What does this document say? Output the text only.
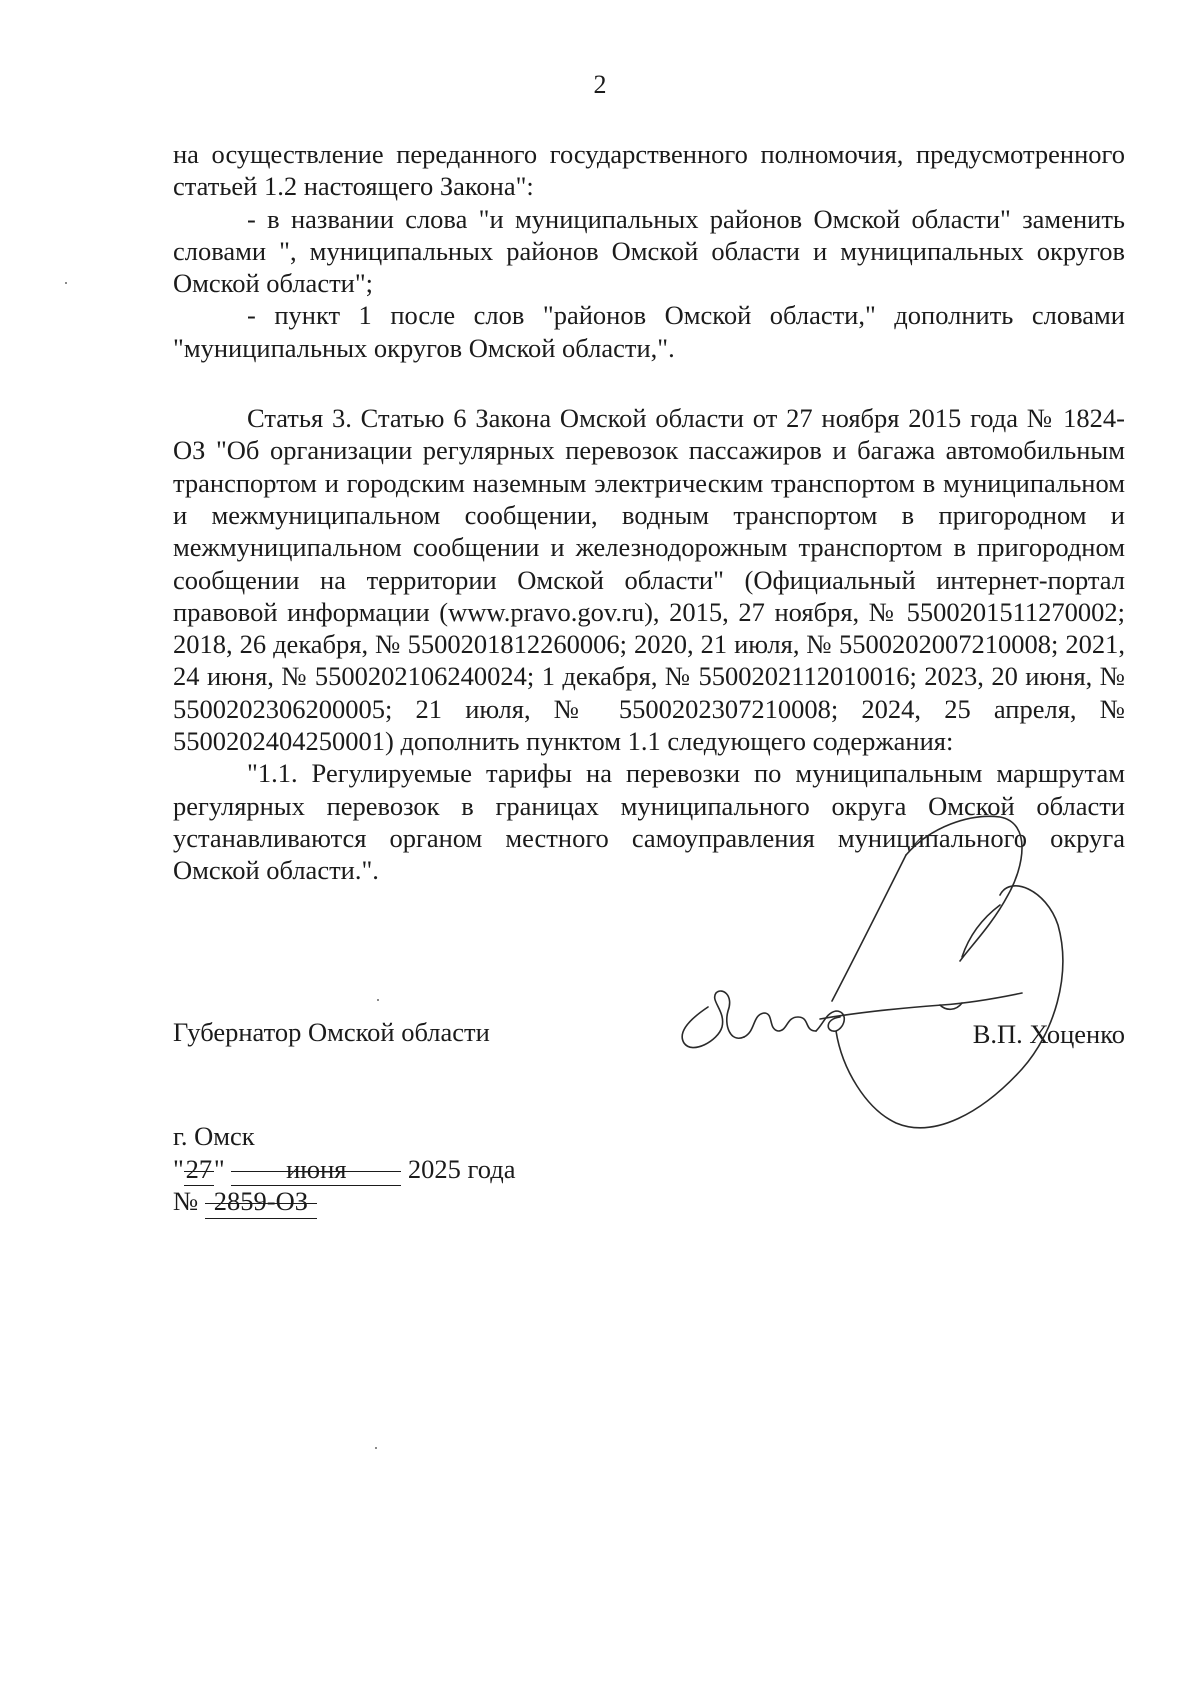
2

на осуществление переданного государственного полномочия, предусмотренного статьей 1.2 настоящего Закона":

- в названии слова "и муниципальных районов Омской области" заменить словами ", муниципальных районов Омской области и муниципальных округов Омской области";

- пункт 1 после слов "районов Омской области," дополнить словами "муниципальных округов Омской области,".

Статья 3. Статью 6 Закона Омской области от 27 ноября 2015 года № 1824-ОЗ "Об организации регулярных перевозок пассажиров и багажа автомобильным транспортом и городским наземным электрическим транспортом в муниципальном и межмуниципальном сообщении, водным транспортом в пригородном и межмуниципальном сообщении и железнодорожным транспортом в пригородном сообщении на территории Омской области" (Официальный интернет-портал правовой информации (www.pravo.gov.ru), 2015, 27 ноября, № 5500201511270002; 2018, 26 декабря, № 5500201812260006; 2020, 21 июля, № 5500202007210008; 2021, 24 июня, № 5500202106240024; 1 декабря, № 5500202112010016; 2023, 20 июня, № 5500202306200005; 21 июля, № 5500202307210008; 2024, 25 апреля, № 5500202404250001) дополнить пунктом 1.1 следующего содержания:

"1.1. Регулируемые тарифы на перевозки по муниципальным маршрутам регулярных перевозок в границах муниципального округа Омской области устанавливаются органом местного самоуправления муниципального округа Омской области.".

Губернатор Омской области	В.П. Хоценко
г. Омск
"27
" июня 2025 года
№ 2859-ОЗ
